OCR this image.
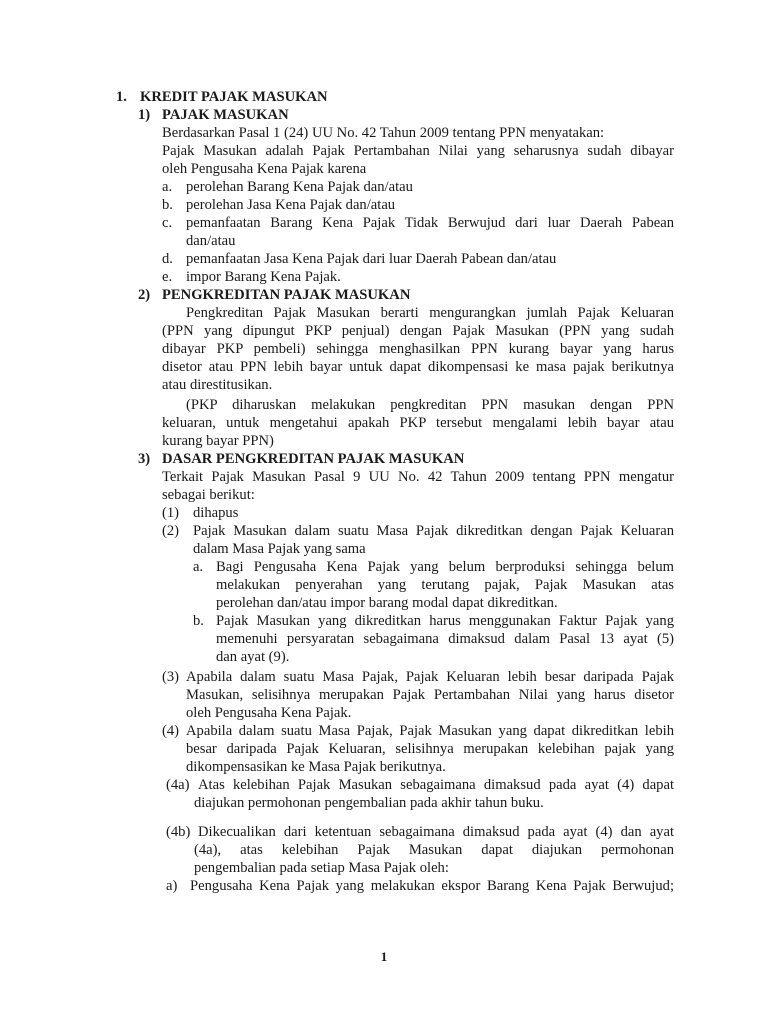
1. KREDIT PAJAK MASUKAN
1) PAJAK MASUKAN
Berdasarkan Pasal 1 (24) UU No. 42 Tahun 2009 tentang PPN menyatakan:
Pajak Masukan adalah Pajak Pertambahan Nilai yang seharusnya sudah dibayar
oleh Pengusaha Kena Pajak karena
a. perolehan Barang Kena Pajak dan/atau
b. perolehan Jasa Kena Pajak dan/atau
c. pemanfaatan Barang Kena Pajak Tidak Berwujud dari luar Daerah Pabean
dan/atau
d. pemanfaatan Jasa Kena Pajak dari luar Daerah Pabean dan/atau
e. impor Barang Kena Pajak.
2) PENGKREDITAN PAJAK MASUKAN
Pengkreditan Pajak Masukan berarti mengurangkan jumlah Pajak Keluaran
(PPN yang dipungut PKP penjual) dengan Pajak Masukan (PPN yang sudah
dibayar PKP pembeli) sehingga menghasilkan PPN kurang bayar yang harus
disetor atau PPN lebih bayar untuk dapat dikompensasi ke masa pajak berikutnya
atau direstitusikan.
(PKP diharuskan melakukan pengkreditan PPN masukan dengan PPN
keluaran, untuk mengetahui apakah PKP tersebut mengalami lebih bayar atau
kurang bayar PPN)
3) DASAR PENGKREDITAN PAJAK MASUKAN
Terkait Pajak Masukan Pasal 9 UU No. 42 Tahun 2009 tentang PPN mengatur
sebagai berikut:
(1) dihapus
(2) Pajak Masukan dalam suatu Masa Pajak dikreditkan dengan Pajak Keluaran
dalam Masa Pajak yang sama
a. Bagi Pengusaha Kena Pajak yang belum berproduksi sehingga belum
melakukan penyerahan yang terutang pajak, Pajak Masukan atas
perolehan dan/atau impor barang modal dapat dikreditkan.
b. Pajak Masukan yang dikreditkan harus menggunakan Faktur Pajak yang
memenuhi persyaratan sebagaimana dimaksud dalam Pasal 13 ayat (5)
dan ayat (9).
(3) Apabila dalam suatu Masa Pajak, Pajak Keluaran lebih besar daripada Pajak
Masukan, selisihnya merupakan Pajak Pertambahan Nilai yang harus disetor
oleh Pengusaha Kena Pajak.
(4) Apabila dalam suatu Masa Pajak, Pajak Masukan yang dapat dikreditkan lebih
besar daripada Pajak Keluaran, selisihnya merupakan kelebihan pajak yang
dikompensasikan ke Masa Pajak berikutnya.
(4a) Atas kelebihan Pajak Masukan sebagaimana dimaksud pada ayat (4) dapat
diajukan permohonan pengembalian pada akhir tahun buku.
(4b) Dikecualikan dari ketentuan sebagaimana dimaksud pada ayat (4) dan ayat
(4a), atas kelebihan Pajak Masukan dapat diajukan permohonan
pengembalian pada setiap Masa Pajak oleh:
a) Pengusaha Kena Pajak yang melakukan ekspor Barang Kena Pajak Berwujud;
1
